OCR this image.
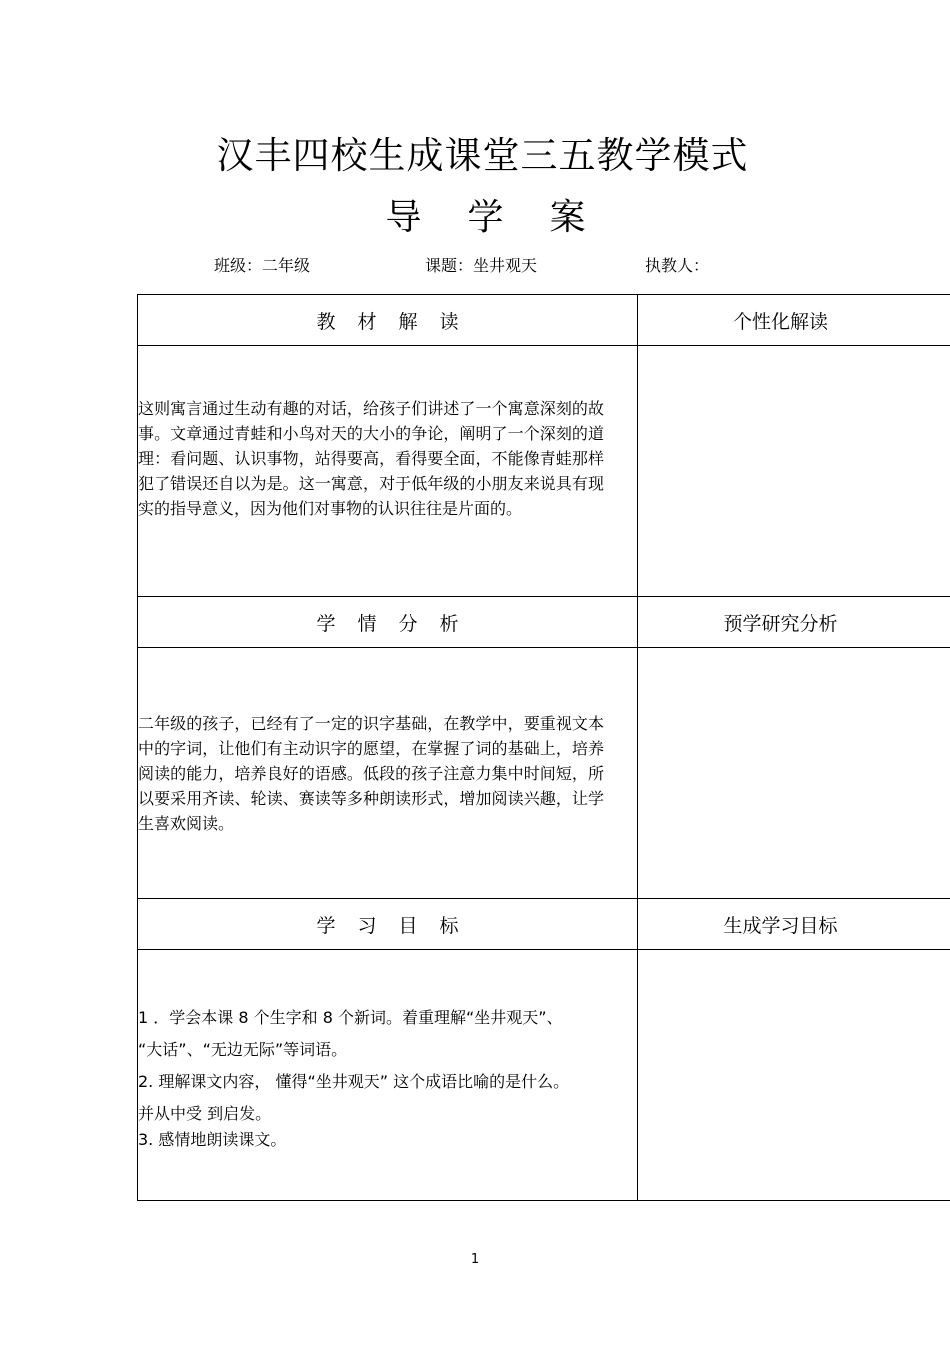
汉丰四校生成课堂三五教学模式
导学案
班级：二年级	课题：坐井观天	执教人：
教材解读	个性化解读
这则寓言通过生动有趣的对话，给孩子们讲述了一个寓意深刻的故事。文章通过青蛙和小鸟对天的大小的争论，阐明了一个深刻的道理：看问题、认识事物，站得要高，看得要全面，不能像青蛙那样犯了错误还自以为是。这一寓意，对于低年级的小朋友来说具有现实的指导意义，因为他们对事物的认识往往是片面的。
学情分析	预学研究分析
二年级的孩子，已经有了一定的识字基础，在教学中，要重视文本中的字词，让他们有主动识字的愿望，在掌握了词的基础上，培养阅读的能力，培养良好的语感。低段的孩子注意力集中时间短，所以要采用齐读、轮读、赛读等多种朗读形式，增加阅读兴趣，让学生喜欢阅读。
学习目标	生成学习目标
1 ．学会本课 8 个生字和 8 个新词。着重理解“坐井观天”、
“大话”、“无边无际”等词语。
2. 理解课文内容， 懂得“坐井观天” 这个成语比喻的是什么。
并从中受 到启发。
3. 感情地朗读课文。
1
